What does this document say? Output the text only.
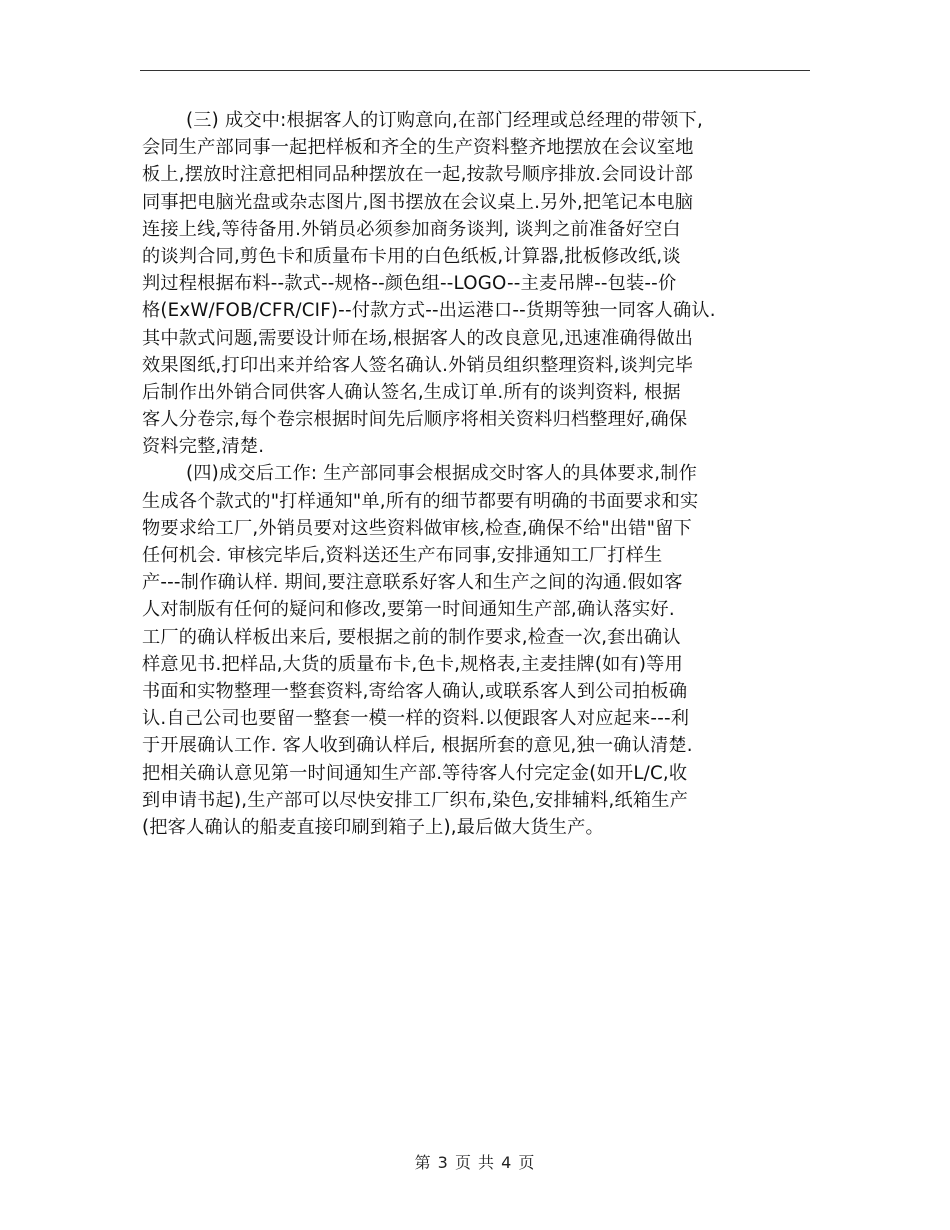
(三) 成交中:根据客人的订购意向,在部门经理或总经理的带领下,
会同生产部同事一起把样板和齐全的生产资料整齐地摆放在会议室地
板上,摆放时注意把相同品种摆放在一起,按款号顺序排放.会同设计部
同事把电脑光盘或杂志图片,图书摆放在会议桌上.另外,把笔记本电脑
连接上线,等待备用.外销员必须参加商务谈判, 谈判之前准备好空白
的谈判合同,剪色卡和质量布卡用的白色纸板,计算器,批板修改纸,谈
判过程根据布料--款式--规格--颜色组--LOGO--主麦吊牌--包装--价
格(ExW/FOB/CFR/CIF)--付款方式--出运港口--货期等独一同客人确认.
其中款式问题,需要设计师在场,根据客人的改良意见,迅速准确得做出
效果图纸,打印出来并给客人签名确认.外销员组织整理资料,谈判完毕
后制作出外销合同供客人确认签名,生成订单.所有的谈判资料, 根据
客人分卷宗,每个卷宗根据时间先后顺序将相关资料归档整理好,确保
资料完整,清楚.
(四)成交后工作: 生产部同事会根据成交时客人的具体要求,制作
生成各个款式的"打样通知"单,所有的细节都要有明确的书面要求和实
物要求给工厂,外销员要对这些资料做审核,检查,确保不给"出错"留下
任何机会. 审核完毕后,资料送还生产布同事,安排通知工厂打样生
产---制作确认样. 期间,要注意联系好客人和生产之间的沟通.假如客
人对制版有任何的疑问和修改,要第一时间通知生产部,确认落实好.
工厂的确认样板出来后, 要根据之前的制作要求,检查一次,套出确认
样意见书.把样品,大货的质量布卡,色卡,规格表,主麦挂牌(如有)等用
书面和实物整理一整套资料,寄给客人确认,或联系客人到公司拍板确
认.自己公司也要留一整套一模一样的资料.以便跟客人对应起来---利
于开展确认工作. 客人收到确认样后, 根据所套的意见,独一确认清楚.
把相关确认意见第一时间通知生产部.等待客人付完定金(如开L/C,收
到申请书起),生产部可以尽快安排工厂织布,染色,安排辅料,纸箱生产
(把客人确认的船麦直接印刷到箱子上),最后做大货生产。
第 3 页 共 4 页
